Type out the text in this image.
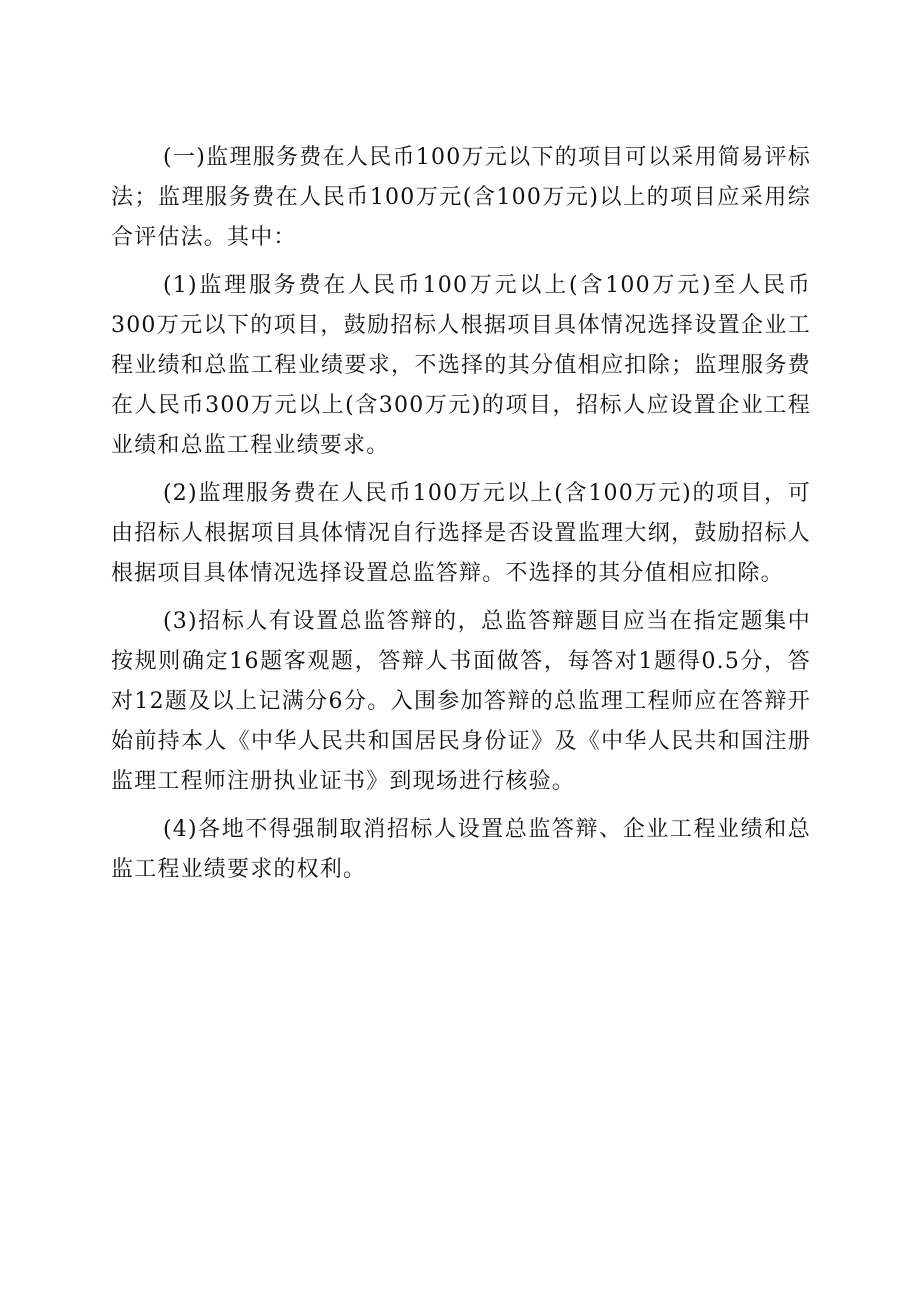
(一)监理服务费在人民币100万元以下的项目可以采用简易评标法；监理服务费在人民币100万元(含100万元)以上的项目应采用综合评估法。其中：

(1)监理服务费在人民币100万元以上(含100万元)至人民币300万元以下的项目，鼓励招标人根据项目具体情况选择设置企业工程业绩和总监工程业绩要求，不选择的其分值相应扣除；监理服务费在人民币300万元以上(含300万元)的项目，招标人应设置企业工程业绩和总监工程业绩要求。

(2)监理服务费在人民币100万元以上(含100万元)的项目，可由招标人根据项目具体情况自行选择是否设置监理大纲，鼓励招标人根据项目具体情况选择设置总监答辩。不选择的其分值相应扣除。

(3)招标人有设置总监答辩的，总监答辩题目应当在指定题集中按规则确定16题客观题，答辩人书面做答，每答对1题得0.5分，答对12题及以上记满分6分。入围参加答辩的总监理工程师应在答辩开始前持本人《中华人民共和国居民身份证》及《中华人民共和国注册监理工程师注册执业证书》到现场进行核验。

(4)各地不得强制取消招标人设置总监答辩、企业工程业绩和总监工程业绩要求的权利。
